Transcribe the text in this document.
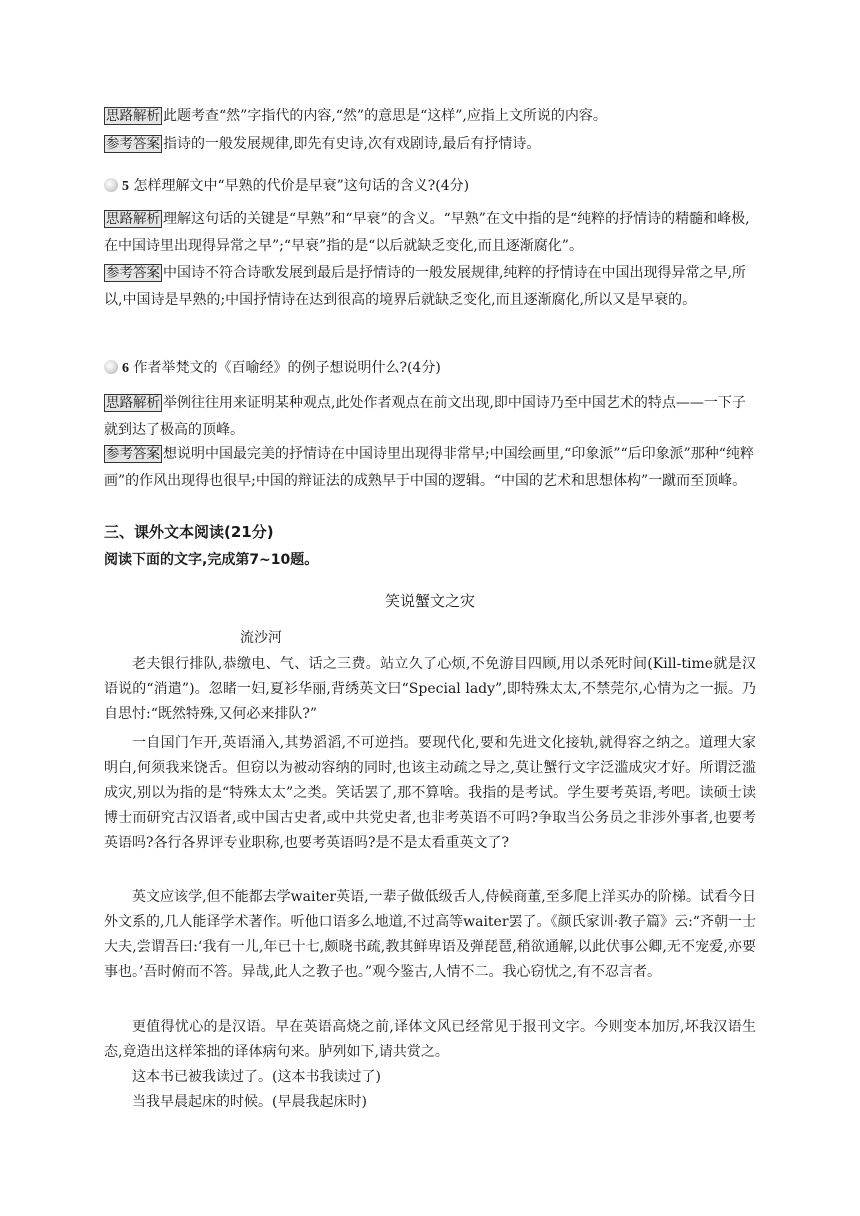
思路解析 此题考查“然”字指代的内容,“然”的意思是“这样”,应指上文所说的内容。
参考答案 指诗的一般发展规律,即先有史诗,次有戏剧诗,最后有抒情诗。
5 怎样理解文中“早熟的代价是早衰”这句话的含义?(4分)
思路解析 理解这句话的关键是“早熟”和“早衰”的含义。“早熟”在文中指的是“纯粹的抒情诗的精髓和峰极,在中国诗里出现得异常之早”;“早衰”指的是“以后就缺乏变化,而且逐渐腐化”。
参考答案 中国诗不符合诗歌发展到最后是抒情诗的一般发展规律,纯粹的抒情诗在中国出现得异常之早,所以,中国诗是早熟的;中国抒情诗在达到很高的境界后就缺乏变化,而且逐渐腐化,所以又是早衰的。
6 作者举梵文的《百喻经》的例子想说明什么?(4分)
思路解析 举例往往用来证明某种观点,此处作者观点在前文出现,即中国诗乃至中国艺术的特点——一下子就到达了极高的顶峰。
参考答案 想说明中国最完美的抒情诗在中国诗里出现得非常早;中国绘画里,“印象派”“后印象派”那种“纯粹画”的作风出现得也很早;中国的辩证法的成熟早于中国的逻辑。“中国的艺术和思想体构”一蹴而至顶峰。
三、课外文本阅读(21分)
阅读下面的文字,完成第7~10题。
笑说蟹文之灾
流沙河
老夫银行排队,恭缴电、气、话之三费。站立久了心烦,不免游目四顾,用以杀死时间(Kill-time就是汉语说的“消遣”)。忽睹一妇,夏衫华丽,背绣英文曰“Special lady”,即特殊太太,不禁莞尔,心情为之一振。乃自思忖:“既然特殊,又何必来排队?”
一自国门乍开,英语涌入,其势滔滔,不可逆挡。要现代化,要和先进文化接轨,就得容之纳之。道理大家明白,何须我来饶舌。但窃以为被动容纳的同时,也该主动疏之导之,莫让蟹行文字泛滥成灾才好。所谓泛滥成灾,别以为指的是“特殊太太”之类。笑话罢了,那不算啥。我指的是考试。学生要考英语,考吧。读硕士读博士而研究古汉语者,或中国古史者,或中共党史者,也非考英语不可吗?争取当公务员之非涉外事者,也要考英语吗?各行各界评专业职称,也要考英语吗?是不是太看重英文了?
英文应该学,但不能都去学waiter英语,一辈子做低级舌人,侍候商董,至多爬上洋买办的阶梯。试看今日外文系的,几人能译学术著作。听他口语多么地道,不过高等waiter罢了。《颜氏家训·教子篇》云:“齐朝一士大夫,尝谓吾曰:‘我有一儿,年已十七,颇晓书疏,教其鲜卑语及弹琵琶,稍欲通解,以此伏事公卿,无不宠爱,亦要事也。’吾时俯而不答。异哉,此人之教子也。”观今鉴古,人情不二。我心窃忧之,有不忍言者。
更值得忧心的是汉语。早在英语高烧之前,译体文风已经常见于报刊文字。今则变本加厉,坏我汉语生态,竟造出这样笨拙的译体病句来。胪列如下,请共赏之。
这本书已被我读过了。(这本书我读过了)
当我早晨起床的时候。(早晨我起床时)
